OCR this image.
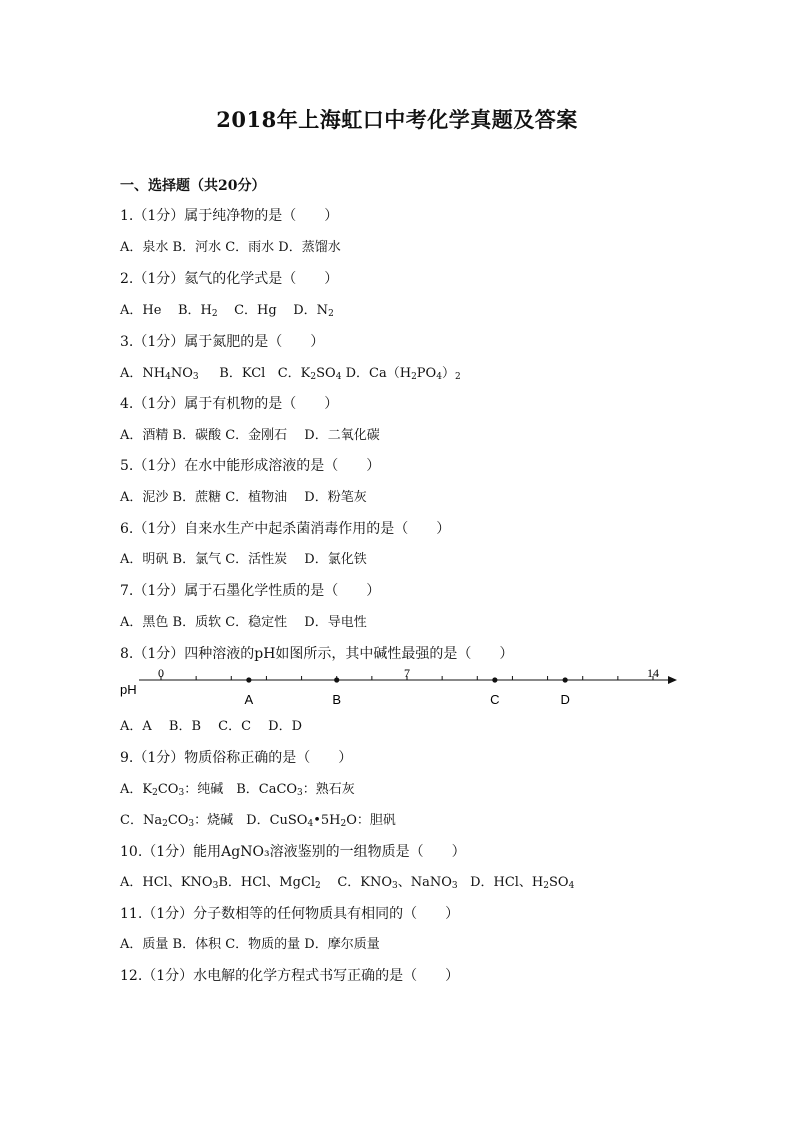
2018年上海虹口中考化学真题及答案
一、选择题（共20分）
1.（1分）属于纯净物的是（　　）
A．泉水 B．河水 C．雨水 D．蒸馏水
2.（1分）氦气的化学式是（　　）
A．He B．$H_2$ C．Hg D．$N_2$
3.（1分）属于氮肥的是（　　）
A．$NH_4NO_3$ B．KCl C．$K_2SO_4$ D．$Ca(H_2PO_4)_2$
4.（1分）属于有机物的是（　　）
A．酒精 B．碳酸 C．金刚石　 D．二氧化碳
5.（1分）在水中能形成溶液的是（　　）
A．泥沙 B．蔗糖 C．植物油　 D．粉笔灰
6.（1分）自来水生产中起杀菌消毒作用的是（　　）
A．明矾 B．氯气 C．活性炭　 D．氯化铁
7.（1分）属于石墨化学性质的是（　　）
A．黑色 B．质软 C．稳定性　 D．导电性
8.（1分）四种溶液的pH如图所示，其中碱性最强的是（　　）
pH
0	7	14
A	B	C	D
A．A　 B．B　 C．C　 D．D
9.（1分）物质俗称正确的是（　　）
A．$K_2CO_3$：纯碱　B．CaCO$_3$：熟石灰
C．$Na_2CO_3$：烧碱　D．$CuSO_4•5H_2O$：胆矾
10.（1分）能用AgNO₃溶液鉴别的一组物质是（　　）
A．HCl、$KNO_3B$．HCl、MgCl$_2$ C．$KNO_3$、NaNO$_3$ D．HCl、$H_2SO_4$
11.（1分）分子数相等的任何物质具有相同的（　　）
A．质量 B．体积 C．物质的量 D．摩尔质量
12.（1分）水电解的化学方程式书写正确的是（　　）
